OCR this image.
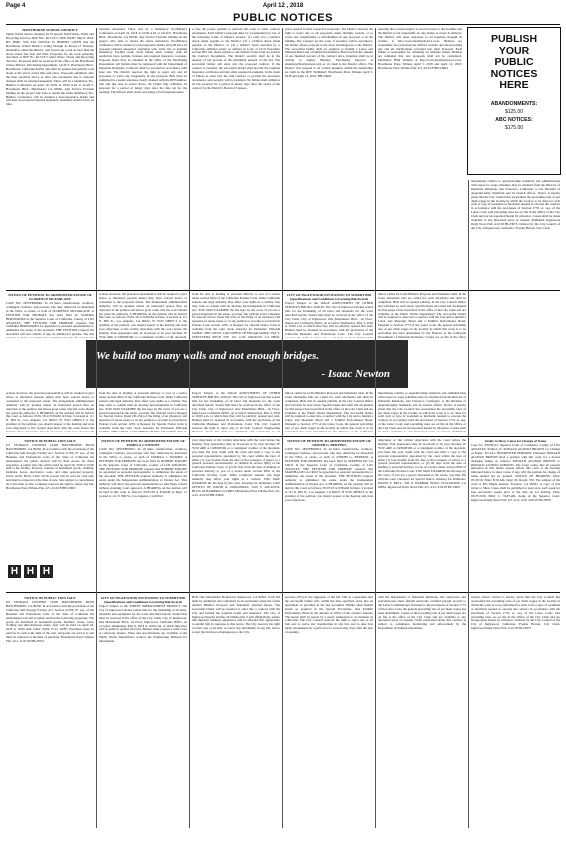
Page 4	April 12 , 2018
PUBLIC NOTICES
HAWTHORNE SCHOOL DISTRICT

Public Works Notice. Request for Proposals Solid Waste, Waste and Recycling Services. RFP NO.: R17/18-5. DUE DATE: May 8, 2018. BY TIME: 3:00 P.M. NOTICE IS HEREBY GIVEN that the Hawthorne School District, acting through its Board of Trustees, hereinafter called the District, will receive up to but no later than the above stated due date and time, Proposals for the work generally described as RFP No. R17/18-5 Solid Waste, Waste and Recycling Services. Proposals shall be received in the office of the Hawthorne School District, Purchasing Department, 14120 S. Hawthorne Blvd., Hawthorne, California 90250, and shall be opened and publicly read aloud at the above stated time and place. Proposals submitted after the time specified above or after any extensions due to material changes shall be returned unopened. There will be a mandatory Pre-Bidders Conference on April 19, 2018, at 10:00 A.M. at 14120 S. Hawthorne Blvd., Hawthorne, CA 90250. Any Service Provider bidding on the project who fails to attend the entire mandatory Pre-Bidders Conference will be deemed a non-responsive bidder and will have its proposal returned unopened. Attendees should arrive on time.

returned unopened. There will be a mandatory Pre-Bidder's Conference on April 19, 2018, at 10:00 A.M. at 14120 S. Hawthorne Blvd., Hawthorne, CA 90250. Any Service Provider bidding on the project who fails to attend the entire mandatory Pre-Bidder's conference will be deemed a non-responsive bidder and will have its proposal returned unopened. Attendees who arrive late to pending mandatory Pre-Bid walk. Each bidder shall comply with all applicable laws, permits, licenses and required insurance coverage. Proposal forms may be obtained in the office of the Purchasing Department. All bidders must be registered with the Department of Industrial Relations. Contracts shall be awarded in accordance with state law. The District reserves the right to reject any and all proposals or waive any irregularity in any proposal. Bids must be submitted in a sealed envelope clearly marked with the RFP number, title and due date as stated above. No bidder may withdraw its proposal for a period of ninety days after the date set for the opening. The District shall be the sole judge of bid responsiveness.

or has the proper permits to perform the work or other contract documents. Each bidder's proposal must be accompanied by one of the following forms of bidder's security: (1) cash; (2) a cashier's check made payable to the District; (3) a certified check made payable to the District; or (4) a bidder's bond executed by a California admitted surety as defined in Code of Civil Procedure section 995.120, made payable to the District in the form set forth in the Contract Documents. The bidder's security shall be in the amount of ten percent of the maximum amount of the bid. The successful bidder will enter into the proposed contract. If the contract is awarded, the successful bidder shall provide the required insurance certificates and any other required documents. In the event of failure to enter into the said contract or provide the necessary documents, said security will be forfeited. No bidder shall withdraw its bid proposal for a period of ninety days after the award of the contract by the District's Board of Trustees.

prices quoted in their respective proposals. The District reserves the right to reject any or all proposals, make multiple awards, or to waive any irregularities or informalities in any proposal or in the bidding. The Contract for the work, if awarded, will be awarded to the bidder whose proposal is the most advantageous to the District. The successful bidder shall be required to furnish a Labor and Material Bond and a Faithful Performance Bond each in the amount of one hundred percent of the contract price. Inquiries shall be in writing to Amber Huntley, Purchasing Director at ahuntley@hawthornesd.com or via mail to the District office. The District will respond to all written inquiries within the timeframes set forth in the RFP. Published: Hawthorne Press Tribune April 5, 2018 and April 12, 2018. HH-23963

ensuring that written inquiry is received prior to the deadline and the District is not responsible for any delays or errors in delivery. The District will issue responses to all inquiries through its website at http://www.hawthorne.k12.ca.us. Bidders are responsible for reviewing the District website and incorporating any and all clarifications provided into their Proposal. Each bidder is responsible for obtaining all addenda issued. Bidders are reminded that late proposals shall not be considered. Published: HSD Website at http://www.hawthorne.k12.ca.us. Hawthorne Press Tribune April 5, 2018 and April 12, 2018. Hawthorne Press Tribune Pub. 4/5, 4/12/18 HH-23964

PUBLISH
YOUR
PUBLIC
NOTICES
HERE
ABANDONMENTS:
$125.00
ABC NOTICES:
$175.00
NOTICE OF PETITION TO ADMINISTER ESTATE OF FLORENCE MCFARLANE

CASE NO. 18STPB02846. To all heirs, beneficiaries, creditors, contingent creditors, and persons who may otherwise be interested in the WILL or estate, or both of FLORENCE MCFARLANE. A PETITION FOR PROBATE has been filed by SANDRA HERNANDEZ in the Superior Court of California, County of LOS ANGELES. THE PETITION FOR PROBATE requests that SANDRA HERNANDEZ be appointed as personal representative to administer the estate of the decedent. THE PETITION requests the decedent's will and codicils, if any, be admitted to probate. The will

actions, however, the personal representative will be required to give notice to interested persons unless they have waived notice or consented to the proposed action. The independent administration authority will be granted unless an interested person files an objection to the petition and shows good cause why the court should not grant the authority. A HEARING on the petition will be held in this court as follows: 05/01/18 at 8:30AM in Dept. 9 located at 111 N. Hill St., Los Angeles, CA 90012. IF YOU OBJECT to the granting of the petition, you should appear at the hearing and state your objections or file written objections with the court before the hearing. Your appearance may be in person or by your attorney. IF YOU ARE A CREDITOR or a contingent creditor of the decedent,

from the date of mailing or personal delivery to you of a notice under section 9052 of the California Probate Code. Other California statutes and legal authority may affect your rights as a creditor. You may want to consult with an attorney knowledgeable in California law. YOU MAY EXAMINE the file kept by the court. If you are a person interested in the estate, you may file with the court a Request for Special Notice (form DE-154) of the filing of an inventory and appraisal of estate assets or of any petition or account as provided in Probate Code section 1250. A Request for Special Notice form is available from the court clerk. Attorney for Petitioner: EDGAR SANDI - SBN 120523. LAW OFFICE OF EDGAR SANDI, 3521 S. SEPULVEDA BLVD STE 101, LOS ANGELES CA 90034.

CITY OF INGLEWOOD INVITATION TO SUBMIT BID (Specifications and Conditions Governing Bid Award)

Project Subject to the WAGE ADJUSTMENT OF OTHER SERVICES BID NO. 2018-02. The City of Inglewood invites sealed bids for the furnishing of all labor and materials for the work described herein. Sealed bids must be received in the office of the City Clerk, City of Inglewood, One Manchester Blvd., 1st Floor, Inglewood, California 90301, on or before Wednesday, May 2, 2018 at 10:00 a.m. at which time they will be publicly opened and read. Bidders must be licensed in accordance with the provisions of the California Business and Professions Code. The City Council

time if called for in the Bidder's Proposal and Statement form. In the event alternative bids are called for, each alternative bid shall be completed. Bids will be opened publicly in the City Council Office and will then be read aloud. Specifications and other bid documents for this project have been filed in the office of the City Clerk and are available at the Public Works Department. The successful bidder will be required to enter into a contract with the City and to furnish a Labor and Materials Bond and a Faithful Performance Bond. Pursuant to Section 1773 of the Labor Code, the general prevailing rate of per diem wages in the locality in which this work is to be performed has been determined by the Director of the California Department of Industrial Relations. Copies are on file in the office

information relative to apprenticeship standards and administration with respect to wage schedules may be obtained from the Director of Industrial Relations, San Francisco, California, or the Division of Apprenticeship Standards and its branch offices. Notice is hereby given that the City Council has ascertained the prevailing rates of per diem wages in the locality in which the work is to be done for each craft or type of workman or mechanic needed to execute the contract in accordance with the provisions of Section 1770, et. seq. of the Labor Code; said prevailing rates are on file in the Office of the City Clerk and are incorporated herein by reference. Copies shall be made available to any interested party on request. Published: Inglewood Daily News Pub. 4/12/18 HI-23975. Ordered by the City Council of the City of Inglewood, California. Yvonne Horton, City Clerk.

We build too many walls and not enough bridges.
- Isaac Newton

actions, however, the personal representative will be required to give notice to interested persons unless they have waived notice or consented to the proposed action. The independent administration authority will be granted unless an interested person files an objection to the petition and shows good cause why the court should not grant the authority. A HEARING on the petition will be held in this court as follows: 05/01/18 at 8:30AM in Dept. 9 located at 111 N. Hill St., Los Angeles, CA 90012. IF YOU OBJECT to the granting of the petition, you should appear at the hearing and state your objections or file written objections with the court before the

from the date of mailing or personal delivery to you of a notice under section 9052 of the California Probate Code. Other California statutes and legal authority may affect your rights as a creditor. You may want to consult with an attorney knowledgeable in California law. YOU MAY EXAMINE the file kept by the court. If you are a person interested in the estate, you may file with the court a Request for Special Notice (form DE-154) of the filing of an inventory and appraisal of estate assets or of any petition or account as provided in Probate Code section 1250. A Request for Special Notice form is available from the court clerk. Attorney for Petitioner: EDGAR

Project Subject to the WAGE ADJUSTMENT OF OTHER SERVICES BID NO. 2018-02. The City of Inglewood invites sealed bids for the furnishing of all labor and materials for the work described herein. Sealed bids must be received in the office of the City Clerk, City of Inglewood, One Manchester Blvd., 1st Floor, Inglewood, California 90301, on or before Wednesday, May 2, 2018 at 10:00 a.m. at which time they will be publicly opened and read. Bidders must be licensed in accordance with the provisions of the California Business and Professions Code. The City Council reserves the right to reject any or all bids. Contact: Engineering

time if called for in the Bidder's Proposal and Statement form. In the event alternative bids are called for, each alternative bid shall be completed. Bids will be opened publicly in the City Council Office and will then be read aloud. Specifications and other bid documents for this project have been filed in the office of the City Clerk and are available at the Public Works Department. The successful bidder will be required to enter into a contract with the City and to furnish a Labor and Materials Bond and a Faithful Performance Bond. Pursuant to Section 1773 of the Labor Code, the general prevailing rate of per diem wages in the locality in which this work is to be

information relative to apprenticeship standards and administration with respect to wage schedules may be obtained from the Director of Industrial Relations, San Francisco, California, or the Division of Apprenticeship Standards and its branch offices. Notice is hereby given that the City Council has ascertained the prevailing rates of per diem wages in the locality in which the work is to be done for each craft or type of workman or mechanic needed to execute the contract in accordance with the provisions of Section 1770, et. seq. of the Labor Code; said prevailing rates are on file in the Office of the City Clerk and are incorporated herein by reference. Copies shall

NOTICE OF PUBLIC LIEN SALE

US STORAGE CENTERS 14500 HAWTHORNE BLVD HAWTHORNE, CA 90250. In accordance with the provisions of the California Self-Storage Facility Act, Section 21700, 87 seq. of the Business and Professions Code of the State of California the undersigned, the public auction will be held on-site for these properties. A public lien sale will be held on April 26, 2018 at 10:00 AM at the facility. Property consists of household goods, clothing, furniture, boxes, electronics, tools, and other personal property. Units: A156, B216, C042, D118. Goods will be sold for cash only and must be removed at the time of sale. Sale subject to cancellation up to the time of sale. Company reserves the right to refuse any bid. Hawthorne Press Tribune Pub. 4/5, 4/12/18 HH-23965

NOTICE OF PETITION TO ADMINISTER ESTATE OF PAMELA J. KNIGHT

CASE NO. 18STPB02852. To all heirs, beneficiaries, creditors, contingent creditors, and persons who may otherwise be interested in the WILL or estate, or both of PAMELA J. KNIGHT. A PETITION FOR PROBATE has been filed by ROBERT KNIGHT in the Superior Court of California, County of LOS ANGELES. THE PETITION FOR PROBATE requests that ROBERT KNIGHT be appointed as personal representative to administer the estate of the decedent. THE PETITION requests authority to administer the estate under the Independent Administration of Estates Act. This authority will allow the personal representative to take many actions without obtaining court approval. A HEARING on the petition will be held in this court as follows: 05/03/18 at 8:30AM in Dept. 11 located at 111 N. Hill St., Los Angeles, CA 90012.

your objections or file written objections with the court before the hearing. Your appearance may be in person or by your attorney. IF YOU ARE A CREDITOR or a contingent creditor of the decedent, you must file your claim with the court and mail a copy to the personal representative appointed by the court within the later of either (1) four months from the date of first issuance of letters to a general personal representative, as defined in section 58(b) of the California Probate Code, or (2) 60 days from the date of mailing or personal delivery to you of a notice under section 9052 of the California Probate Code. Other California statutes and legal authority may affect your rights as a creditor. YOU MAY EXAMINE the file kept by the court. Attorney for Petitioner: LAW OFFICES OF DAVID A. DOULIERAS, 1018 S. ATLANTIC BLVD, ALHAMBRA CA 91803. Hawthorne Press Tribune Pub. 4/5, 4/12, 4/19/18 HH-23966

NOTICE OF PETITION TO ADMINISTER ESTATE OF JOSEPH G. BERTINO

CASE NO. 18STPB02874. To all heirs, beneficiaries, creditors, contingent creditors, and persons who may otherwise be interested in the WILL or estate, or both of JOSEPH G. BERTINO. A PETITION FOR PROBATE has been filed by MARTHA DE LA CRUZ in the Superior Court of California, County of LOS ANGELES. THE PETITION FOR PROBATE requests that MARTHA DE LA CRUZ be appointed as personal representative to administer the estate of the decedent. THE PETITION requests authority to administer the estate under the Independent Administration of Estates Act. A HEARING on the petition will be held in this court as follows: 05/07/18 at 8:30AM in Dept. 4 located at 111 N. Hill St., Los Angeles, CA 90012. IF YOU OBJECT to the granting of the petition, you should appear at the hearing and state your objections.

objections or file written objections with the court before the hearing. Your appearance may be in person or by your attorney. IF YOU ARE A CREDITOR or a contingent creditor of the decedent, you must file your claim with the court and mail a copy to the personal representative appointed by the court within the later of either (1) four months from the date of first issuance of letters to a general personal representative, or (2) 60 days from the date of mailing or personal delivery to you of a notice under section 9052 of the California Probate Code. YOU MAY EXAMINE the file kept by the court. If you are a person interested in the estate, you may file with the court a Request for Special Notice. Attorney for Petitioner: DAVID P. BELL, 200 N HARBOR BLVD, FULLERTON CA 92832. Inglewood Daily News Pub. 4/5, 4/12, 4/19/18 HI-23967

Order to Show Cause for Change of Name

Case No. YS030513. Superior Court of California, County of LOS ANGELES. Petition of: RONALD ALONZO BROWN for Change of Name. TO ALL INTERESTED PERSONS: Petitioner RONALD ALONZO BROWN filed a petition with this court for a decree changing names as follows: RONALD ALONZO BROWN to RONALD ALONZO ASHANTI. The Court orders that all persons interested in this matter appear before this court at the hearing indicated below to show cause, if any, why the petition for change of name should not be granted. NOTICE OF HEARING: Date: 05/18/18, Time: 8:30 AM, Dept: M, Room: 350. The address of the court is 825 Maple Avenue, Torrance, CA 90503. A copy of this Order to Show Cause shall be published at least once each week for four successive weeks prior to the date set for hearing. Date: 03/27/2018. ERIC C. TAYLOR, Judge of the Superior Court. Inglewood Daily News Pub. 4/5, 4/12, 4/19, 4/26/18 HI-23970

H H H
NOTICE OF PUBLIC LIEN SALE

US STORAGE CENTERS 14500 HAWTHORNE BLVD HAWTHORNE, CA 90250. In accordance with the provisions of the California Self-Storage Facility Act, Section 21700, 87 seq. of the Business and Professions Code of the State of California the undersigned will sell at public auction the following properties. The goods are described as household goods, furniture, boxes, tools, clothing and miscellaneous items. Sale will be held on April 26, 2018 at 10:00 AM. Units: E204, F112, G087. Purchases must be paid for in cash at the time of the sale. All goods are sold as is and must be removed at the time of purchase. Hawthorne Press Tribune Pub. 4/12, 4/19/18 HH-23974

CITY OF INGLEWOOD INVITATION TO SUBMIT BID (Specifications and Conditions Governing Bid Award)

Project Subject to the STREET IMPROVEMENT PROJECT. The City of Inglewood invites sealed bids for the furnishing of all labor, materials and equipment for the work described herein. Sealed bids must be received in the office of the City Clerk, City of Inglewood, One Manchester Blvd., 1st Floor, Inglewood, California 90301, on or before Wednesday, May 9, 2018 at 10:00 a.m. at which time they will be publicly opened and read. Bidders must possess a valid Class A contractor license. Plans and specifications are available at the Public Works Department. Contact the Engineering Division for information.

Hall, One Manchester Boulevard, Inglewood, CA 90301. Each bid shall be submitted and completed in all particulars using the forms entitled Bidder's Proposal and Statement attached hereto. The successful bidder will be required to enter into a contract with the City and furnish the required bonds and insurance. The City of Inglewood hereby notifies all bidders that it will affirmatively ensure that minority business enterprises will be afforded full opportunity to submit bids in response to this notice. The City reserves the right to reject any or all bids, to waive any informality in any bid, and to accept the bid most advantageous to the City.

percent (10%) of the aggregate of the bid. This is a guarantee that the successful bidder will, within the time specified, enter into an agreement as provided in the bid document. Bidder shall furnish bonds as required in the Special Provisions. One Faithful Performance Bond in the amount of 100% of the contract amount. The bonds shall be issued by a surety authorized to do business in California. The City Council reserves the right to reject any or all bids and to waive any irregularities in any bid, and to take bids under advisement for a period not to exceed sixty days after the date of opening.

with the Department of Industrial Relations. All contractors and subcontractors must furnish electronic certified payroll records to the Labor Commissioner. Pursuant to the provisions of Section 1773 of the Labor Code, the general prevailing rate of per diem wages has been determined. Copies of the prevailing rate of per diem wages are on file at the office of the City Clerk and are available to any interested party on request. Work performed under this contract is subject to compliance monitoring and enforcement by the Department of Industrial Relations.

branch offices. Notice is hereby given that the City Council has ascertained the prevailing rates of per diem wages in the locality in which the work is to be performed for each craft or type of workman or mechanic needed to execute the contract in accordance with the provisions of Section 1770, et. seq. of the Labor Code; said prevailing rates are on file in the Office of the City Clerk and are incorporated herein by reference. Ordered by the City Council of the City of Inglewood, California. Yvonne Horton, City Clerk. Inglewood Daily News Pub. 4/12/18 HI-23973
